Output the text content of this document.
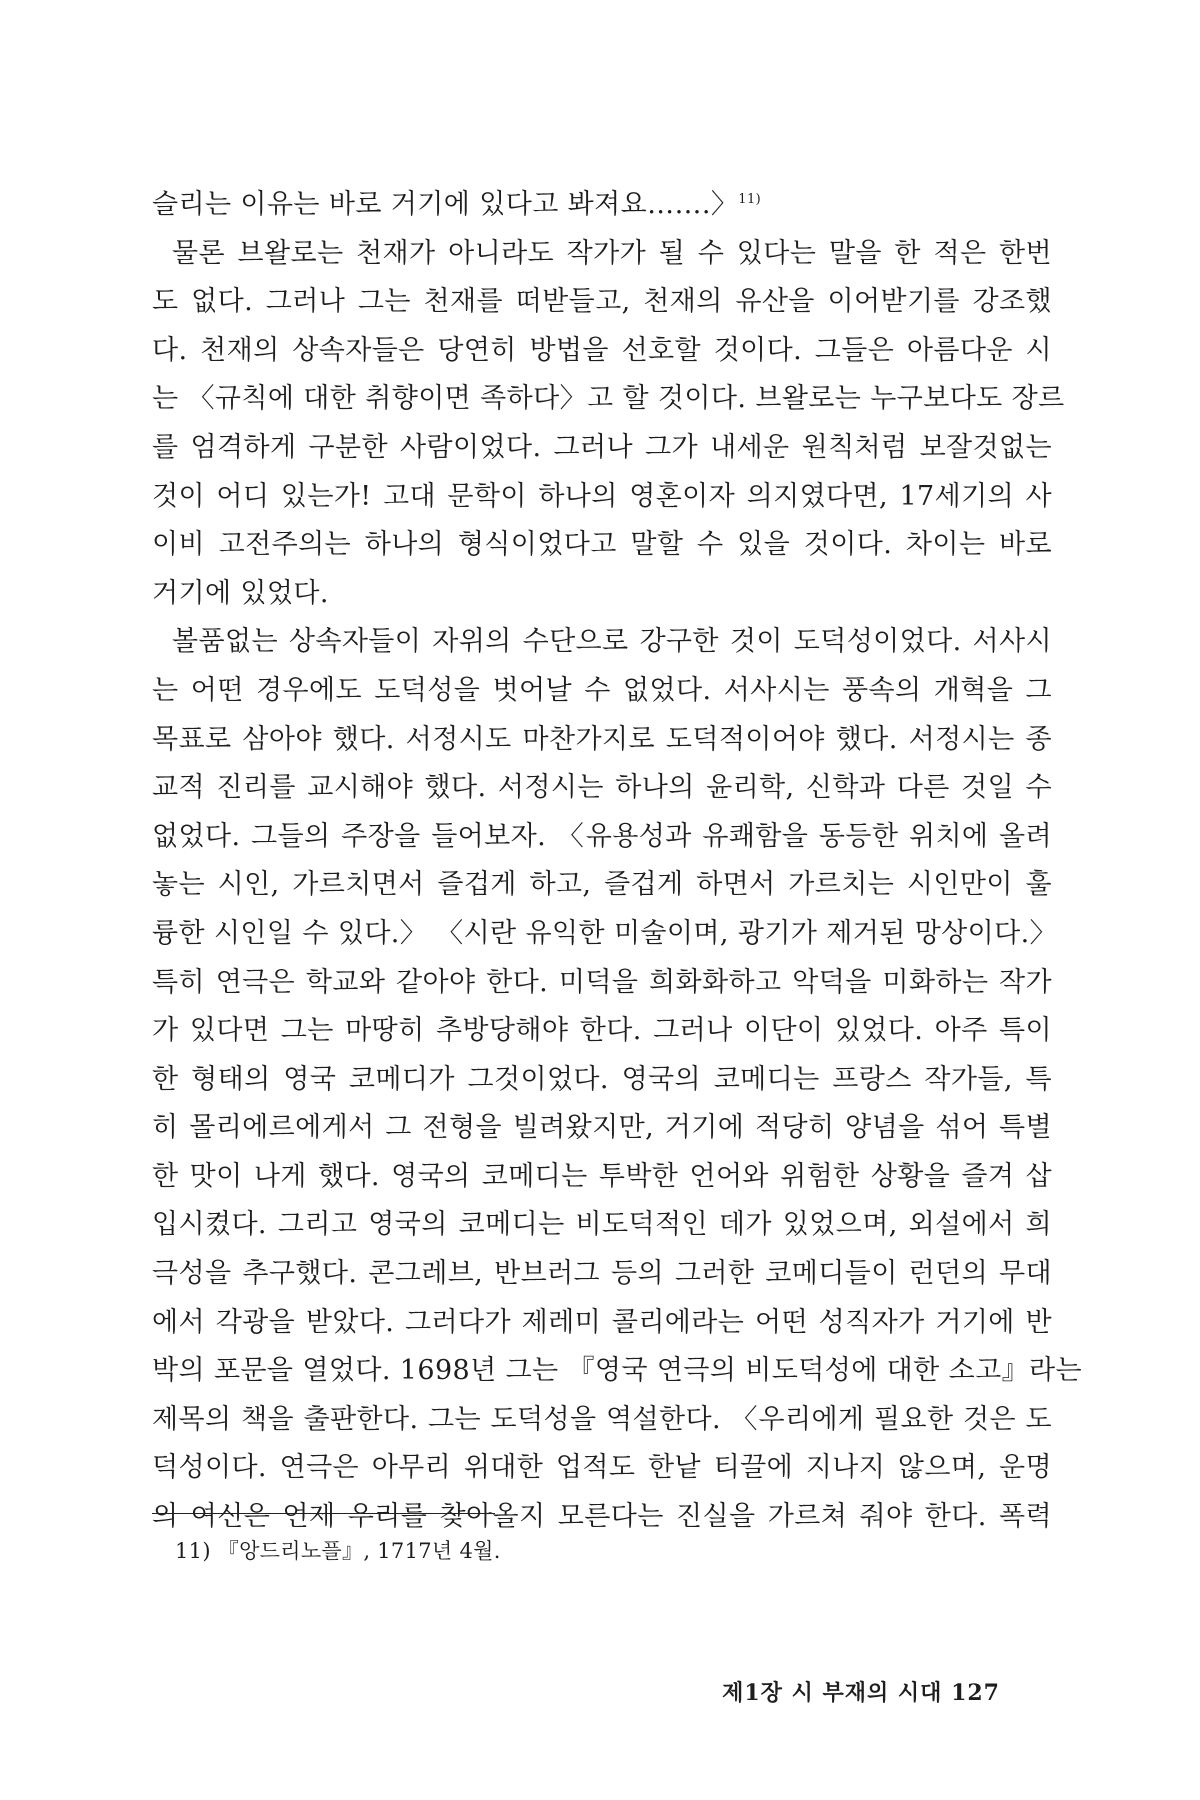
슬리는 이유는 바로 거기에 있다고 봐져요…….〉$^{11)}$
물론 브왈로는 천재가 아니라도 작가가 될 수 있다는 말을 한 적은 한번
도 없다. 그러나 그는 천재를 떠받들고, 천재의 유산을 이어받기를 강조했
다. 천재의 상속자들은 당연히 방법을 선호할 것이다. 그들은 아름다운 시
는 〈규칙에 대한 취향이면 족하다〉고 할 것이다. 브왈로는 누구보다도 장르
를 엄격하게 구분한 사람이었다. 그러나 그가 내세운 원칙처럼 보잘것없는
것이 어디 있는가! 고대 문학이 하나의 영혼이자 의지였다면, 17세기의 사
이비 고전주의는 하나의 형식이었다고 말할 수 있을 것이다. 차이는 바로
거기에 있었다.
볼품없는 상속자들이 자위의 수단으로 강구한 것이 도덕성이었다. 서사시
는 어떤 경우에도 도덕성을 벗어날 수 없었다. 서사시는 풍속의 개혁을 그
목표로 삼아야 했다. 서정시도 마찬가지로 도덕적이어야 했다. 서정시는 종
교적 진리를 교시해야 했다. 서정시는 하나의 윤리학, 신학과 다른 것일 수
없었다. 그들의 주장을 들어보자. 〈유용성과 유쾌함을 동등한 위치에 올려
놓는 시인, 가르치면서 즐겁게 하고, 즐겁게 하면서 가르치는 시인만이 훌
륭한 시인일 수 있다.〉 〈시란 유익한 미술이며, 광기가 제거된 망상이다.〉
특히 연극은 학교와 같아야 한다. 미덕을 희화화하고 악덕을 미화하는 작가
가 있다면 그는 마땅히 추방당해야 한다. 그러나 이단이 있었다. 아주 특이
한 형태의 영국 코메디가 그것이었다. 영국의 코메디는 프랑스 작가들, 특
히 몰리에르에게서 그 전형을 빌려왔지만, 거기에 적당히 양념을 섞어 특별
한 맛이 나게 했다. 영국의 코메디는 투박한 언어와 위험한 상황을 즐겨 삽
입시켰다. 그리고 영국의 코메디는 비도덕적인 데가 있었으며, 외설에서 희
극성을 추구했다. 콘그레브, 반브러그 등의 그러한 코메디들이 런던의 무대
에서 각광을 받았다. 그러다가 제레미 콜리에라는 어떤 성직자가 거기에 반
박의 포문을 열었다. 1698년 그는 『영국 연극의 비도덕성에 대한 소고』라는
제목의 책을 출판한다. 그는 도덕성을 역설한다. 〈우리에게 필요한 것은 도
덕성이다. 연극은 아무리 위대한 업적도 한낱 티끌에 지나지 않으며, 운명
의 여신은 언제 우리를 찾아올지 모른다는 진실을 가르쳐 줘야 한다. 폭력
11) 『앙드리노플』, 1717년 4월.
제1장 시 부재의 시대 127
